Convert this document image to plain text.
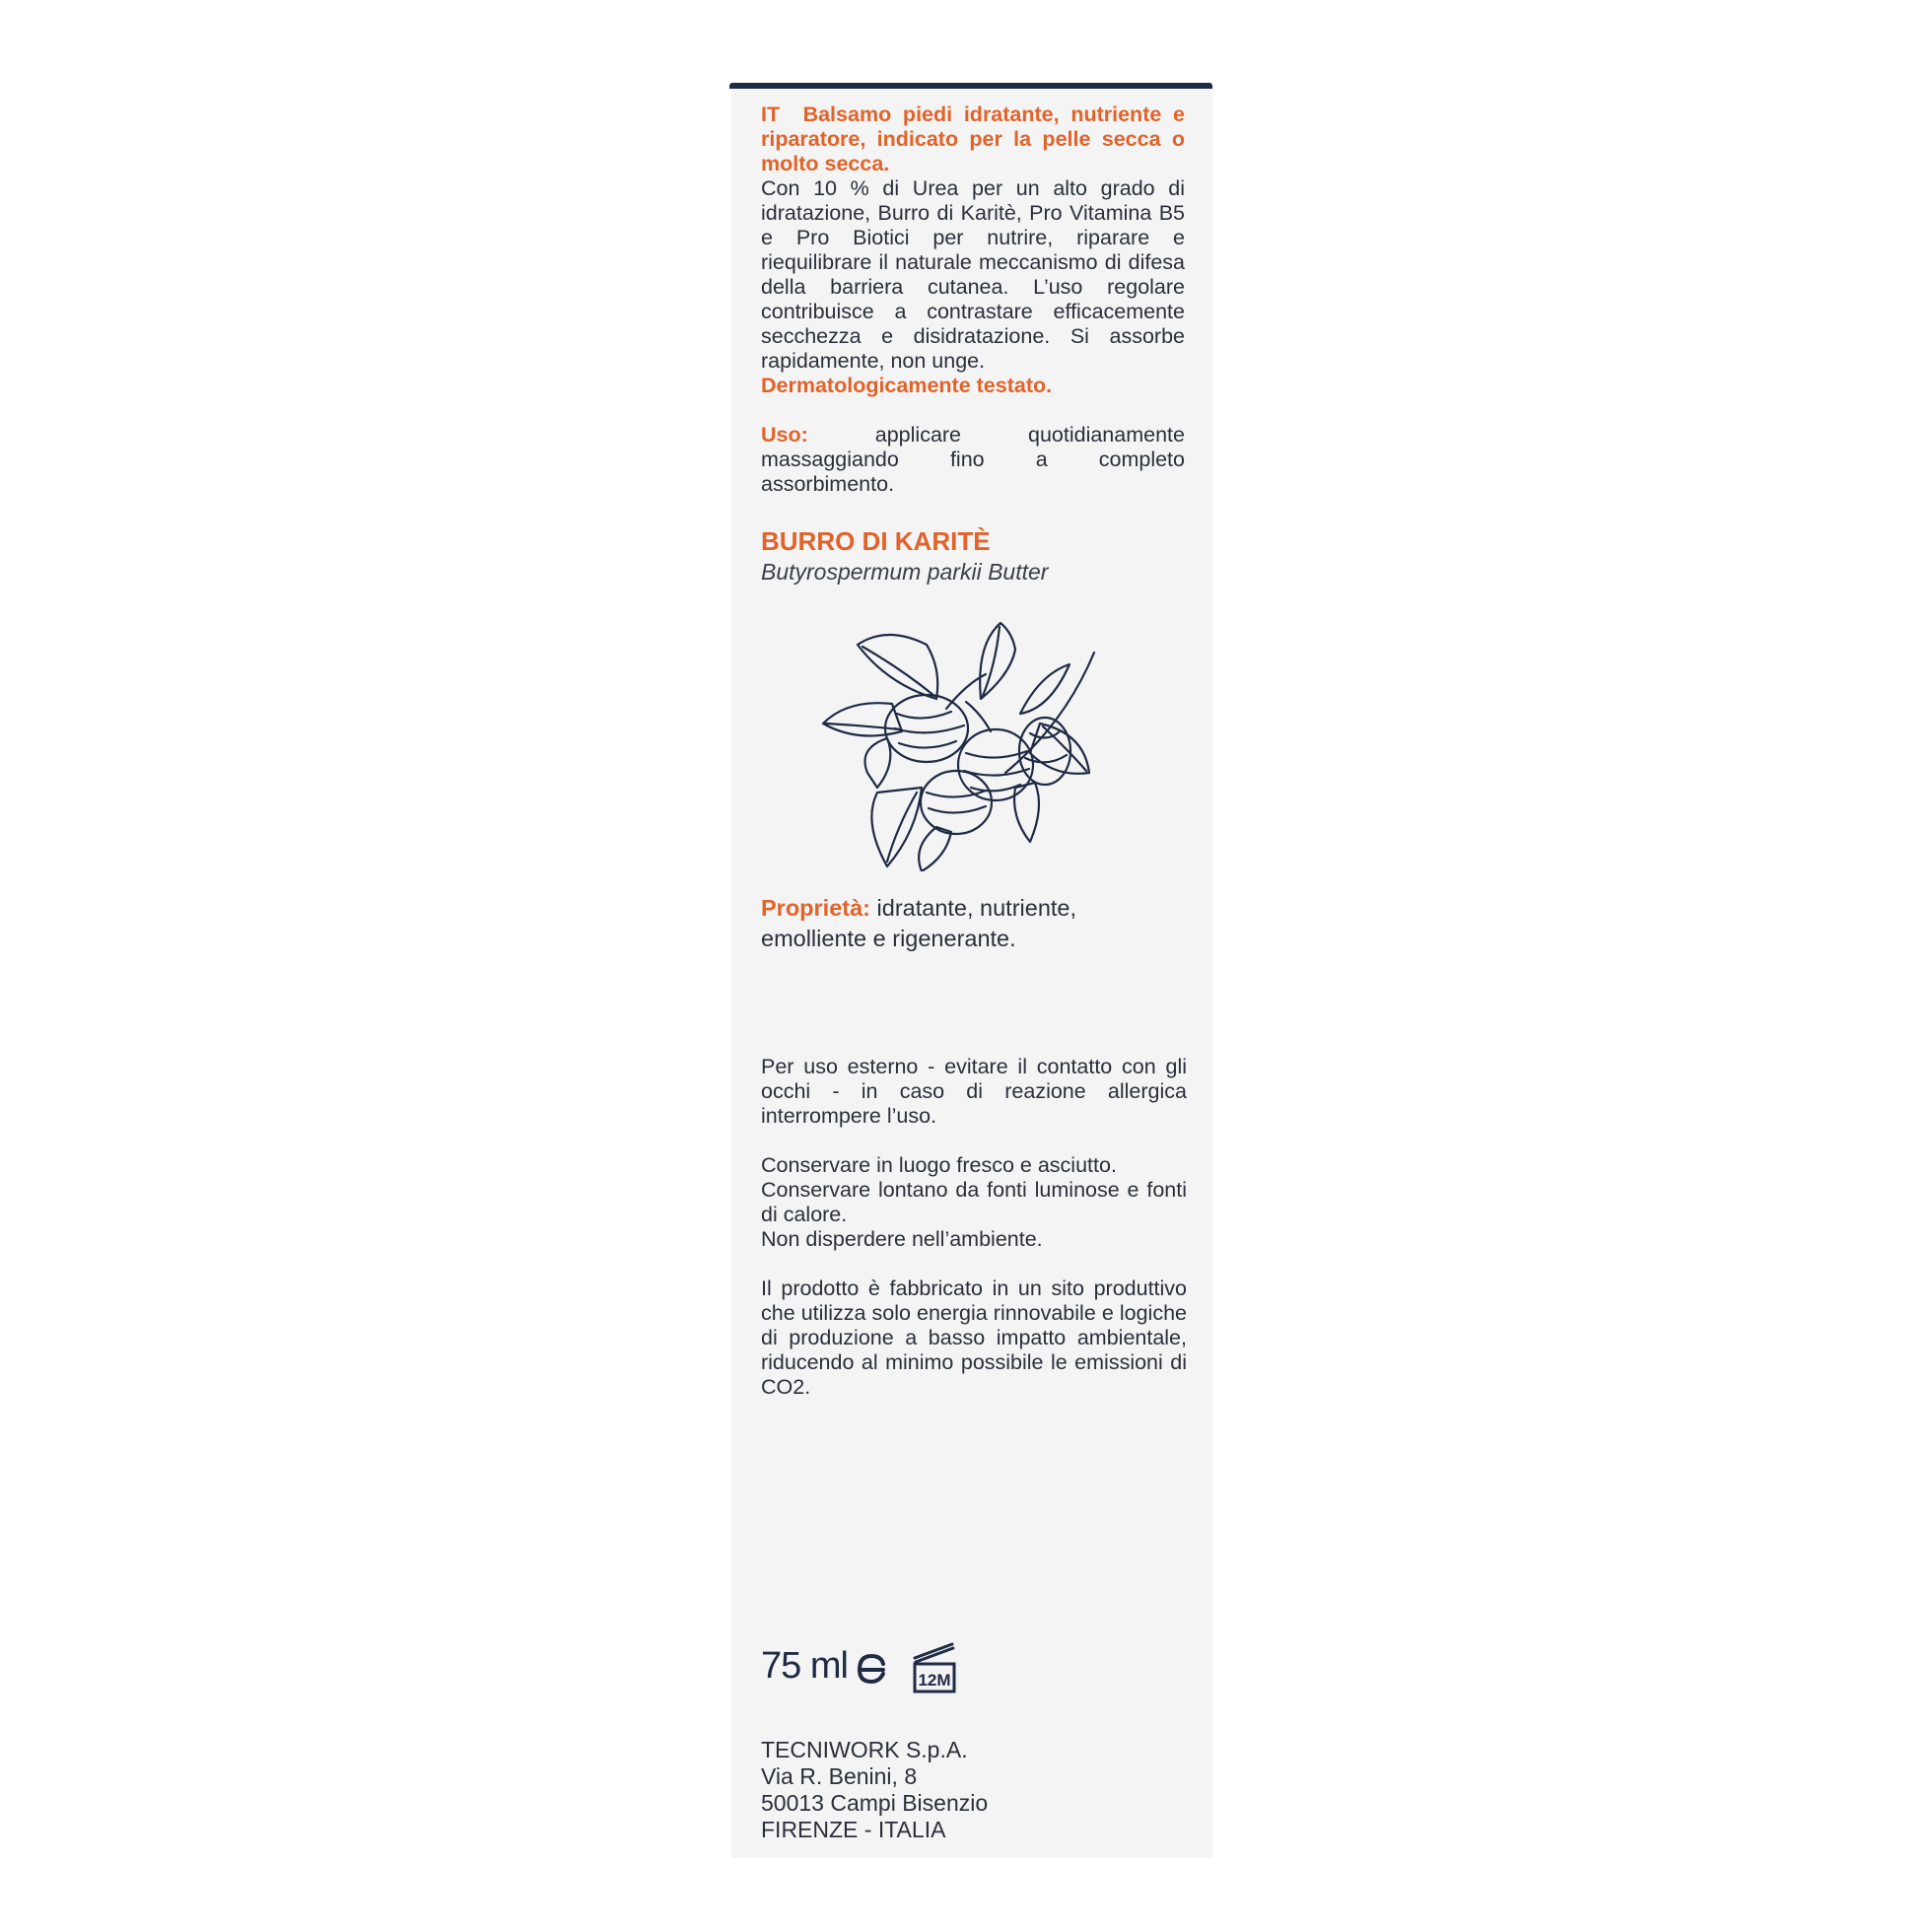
IT Balsamo piedi idratante, nutriente e riparatore, indicato per la pelle secca o molto secca.

Con 10 % di Urea per un alto grado di idratazione, Burro di Karitè, Pro Vitamina B5 e Pro Biotici per nutrire, riparare e riequilibrare il naturale meccanismo di difesa della barriera cutanea. L’uso regolare contribuisce a contrastare efficacemente secchezza e disidratazione. Si assorbe rapidamente, non unge.

Dermatologicamente testato.

Uso:	applicare quotidianamente massaggiando fino a completo assorbimento.

BURRO DI KARITÈ
Butyrospermum parkii Butter

Proprietà: idratante, nutriente, emolliente e rigenerante.

Per uso esterno - evitare il contatto con gli occhi - in caso di reazione allergica interrompere l’uso.

Conservare in luogo fresco e asciutto.

Conservare lontano da fonti luminose e fonti di calore.

Non disperdere nell’ambiente.

Il prodotto è fabbricato in un sito produttivo che utilizza solo energia rinnovabile e logiche di produzione a basso impatto ambientale, riducendo al minimo possibile le emissioni di CO2.

75 ml	12M
TECNIWORK S.p.A.
Via R. Benini, 8
50013 Campi Bisenzio
FIRENZE - ITALIA
